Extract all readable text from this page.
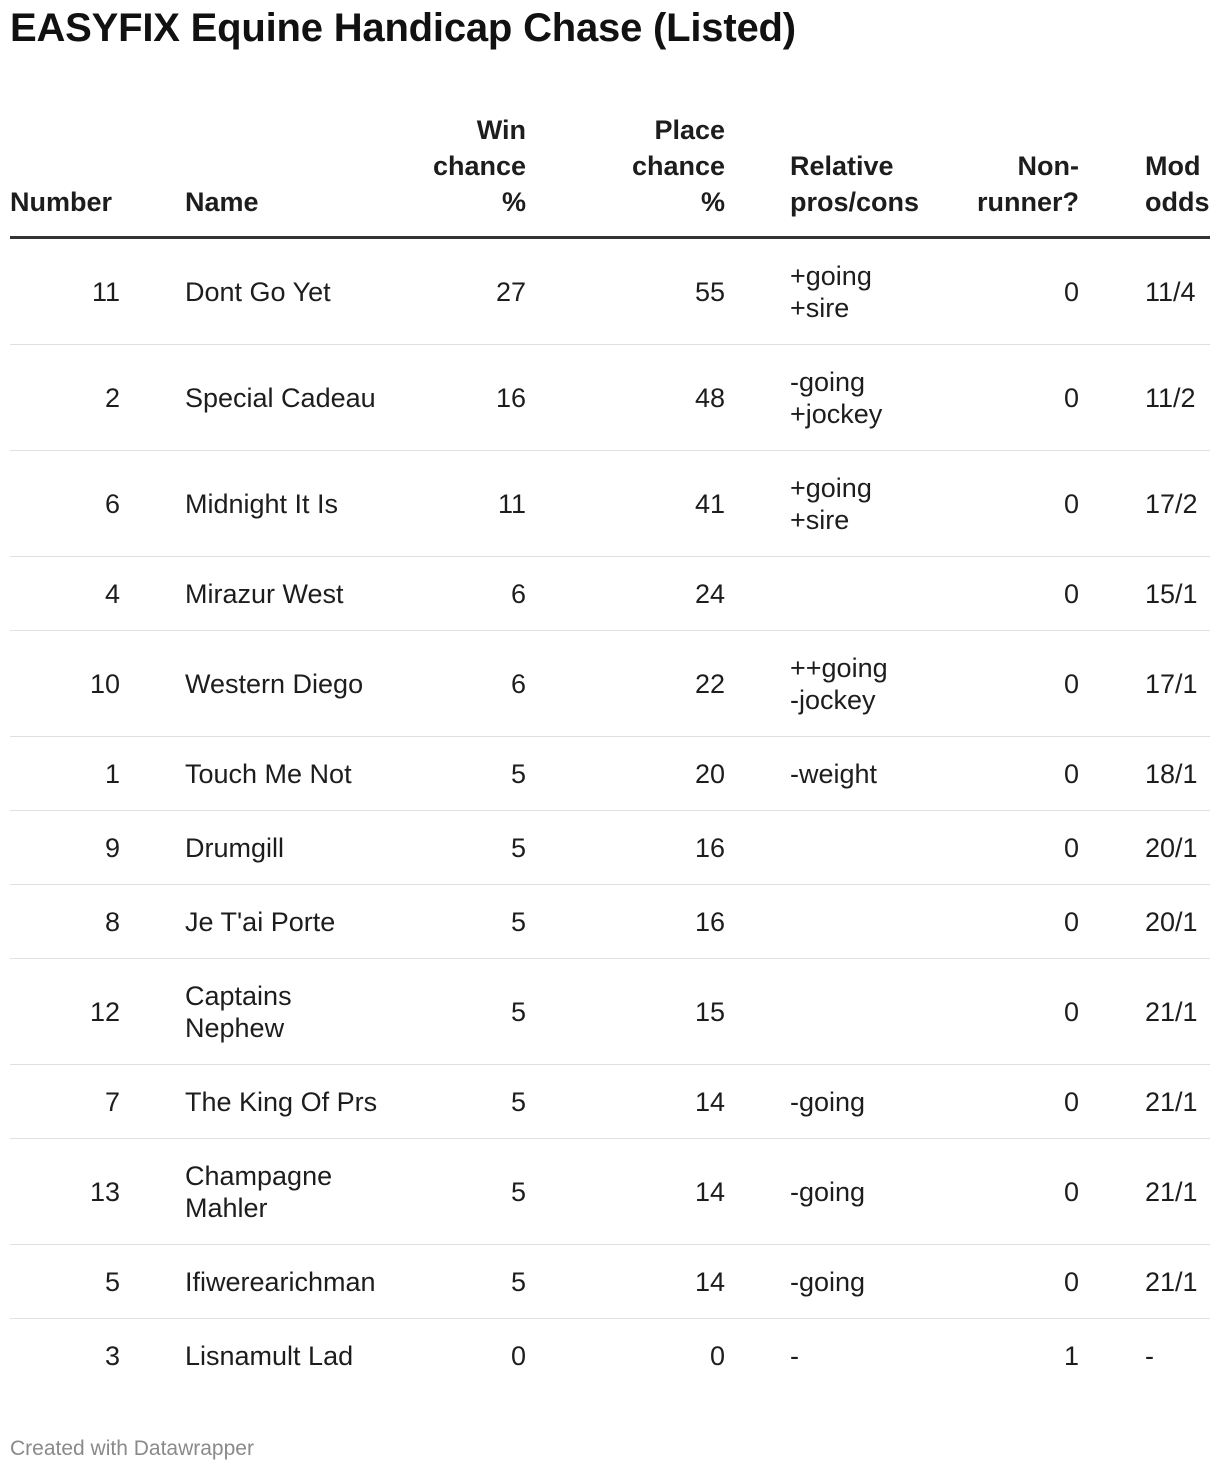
EASYFIX Equine Handicap Chase (Listed)
Number	Name	Win
chance
%	Place
chance
%	Relative
pros/cons	Non-
runner?	Mod
odds
11	Dont Go Yet	27	55	+going
+sire	0	11/4
2	Special Cadeau	16	48	-going
+jockey	0	11/2
6	Midnight It Is	11	41	+going
+sire	0	17/2
4	Mirazur West	6	24		0	15/1
10	Western Diego	6	22	++going
-jockey	0	17/1
1	Touch Me Not	5	20	-weight	0	18/1
9	Drumgill	5	16		0	20/1
8	Je T'ai Porte	5	16		0	20/1
12	Captains
Nephew	5	15		0	21/1
7	The King Of Prs	5	14	-going	0	21/1
13	Champagne
Mahler	5	14	-going	0	21/1
5	Ifiwerearichman	5	14	-going	0	21/1
3	Lisnamult Lad	0	0	-	1	-
Created with Datawrapper
